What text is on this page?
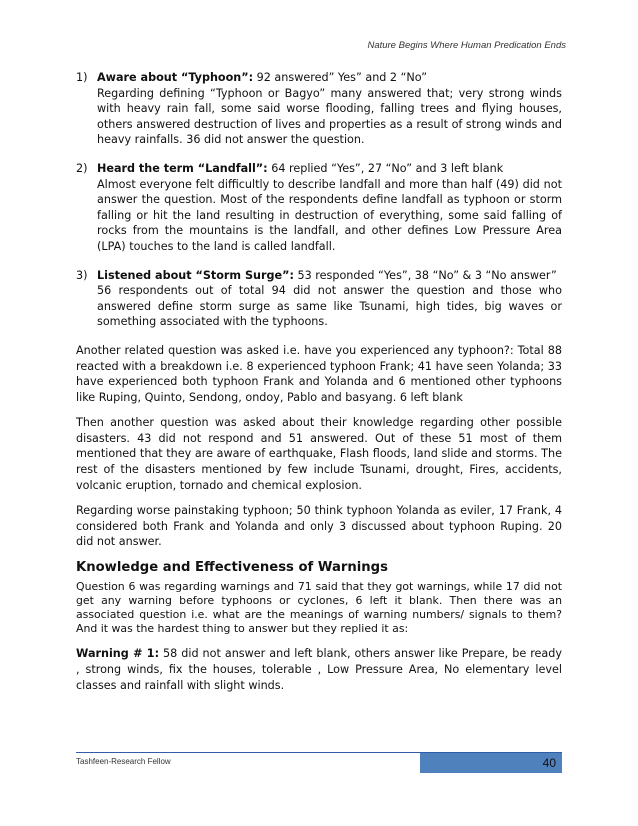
Nature Begins Where Human Predication Ends
1) Aware about “Typhoon”: 92 answered” Yes” and 2 “No”

Regarding defining “Typhoon or Bagyo” many answered that; very strong winds with heavy rain fall, some said worse flooding, falling trees and flying houses, others answered destruction of lives and properties as a result of strong winds and heavy rainfalls. 36 did not answer the question.

2) Heard the term “Landfall”: 64 replied “Yes”, 27 “No” and 3 left blank

Almost everyone felt difficultly to describe landfall and more than half (49) did not answer the question. Most of the respondents define landfall as typhoon or storm falling or hit the land resulting in destruction of everything, some said falling of rocks from the mountains is the landfall, and other defines Low Pressure Area (LPA) touches to the land is called landfall.

3) Listened about “Storm Surge”: 53 responded “Yes”, 38 “No” & 3 “No answer”

56 respondents out of total 94 did not answer the question and those who answered define storm surge as same like Tsunami, high tides, big waves or something associated with the typhoons.

Another related question was asked i.e. have you experienced any typhoon?: Total 88 reacted with a breakdown i.e. 8 experienced typhoon Frank; 41 have seen Yolanda; 33 have experienced both typhoon Frank and Yolanda and 6 mentioned other typhoons like Ruping, Quinto, Sendong, ondoy, Pablo and basyang. 6 left blank

Then another question was asked about their knowledge regarding other possible disasters. 43 did not respond and 51 answered. Out of these 51 most of them mentioned that they are aware of earthquake, Flash floods, land slide and storms. The rest of the disasters mentioned by few include Tsunami, drought, Fires, accidents, volcanic eruption, tornado and chemical explosion.

Regarding worse painstaking typhoon; 50 think typhoon Yolanda as eviler, 17 Frank, 4 considered both Frank and Yolanda and only 3 discussed about typhoon Ruping. 20 did not answer.

Knowledge and Effectiveness of Warnings

Question 6 was regarding warnings and 71 said that they got warnings, while 17 did not get any warning before typhoons or cyclones, 6 left it blank. Then there was an associated question i.e. what are the meanings of warning numbers/ signals to them? And it was the hardest thing to answer but they replied it as:

Warning # 1: 58 did not answer and left blank, others answer like Prepare, be ready , strong winds, fix the houses, tolerable , Low Pressure Area, No elementary level classes and rainfall with slight winds.

Tashfeen-Research Fellow	40
